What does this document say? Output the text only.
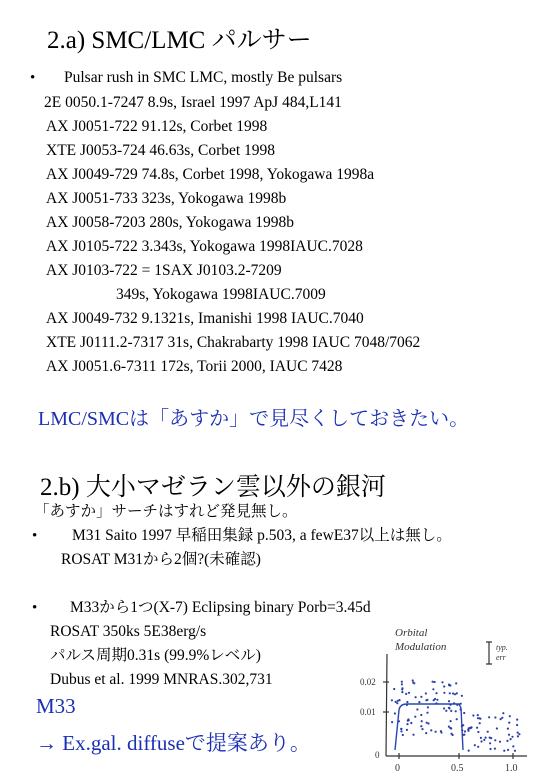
2.a) SMC/LMC パルサー
• Pulsar rush in SMC LMC, mostly Be pulsars
2E 0050.1-7247 8.9s, Israel 1997 ApJ 484,L141
AX J0051-722 91.12s, Corbet 1998
XTE J0053-724 46.63s, Corbet 1998
AX J0049-729 74.8s, Corbet 1998, Yokogawa 1998a
AX J0051-733 323s, Yokogawa 1998b
AX J0058-7203 280s, Yokogawa 1998b
AX J0105-722 3.343s, Yokogawa 1998IAUC.7028
AX J0103-722 = 1SAX J0103.2-7209
349s, Yokogawa 1998IAUC.7009
AX J0049-732 9.1321s, Imanishi 1998 IAUC.7040
XTE J0111.2-7317 31s, Chakrabarty 1998 IAUC 7048/7062
AX J0051.6-7311 172s, Torii 2000, IAUC 7428
LMC/SMCは「あすか」で見尽くしておきたい。
2.b) 大小マゼラン雲以外の銀河
「あすか」サーチはすれど発見無し。
• M31 Saito 1997 早稲田集録 p.503, a fewE37以上は無し。
ROSAT M31から2個?(未確認)
• M33から1つ(X-7) Eclipsing binary Porb=3.45d
ROSAT 350ks 5E38erg/s
パルス周期0.31s (99.9%レベル)
Dubus et al. 1999 MNRAS.302,731
M33
→ Ex.gal. diffuseで提案あり。
Orbital
Modulation	typ.
err
0.02
0.01
0
0	0.5	1.0
